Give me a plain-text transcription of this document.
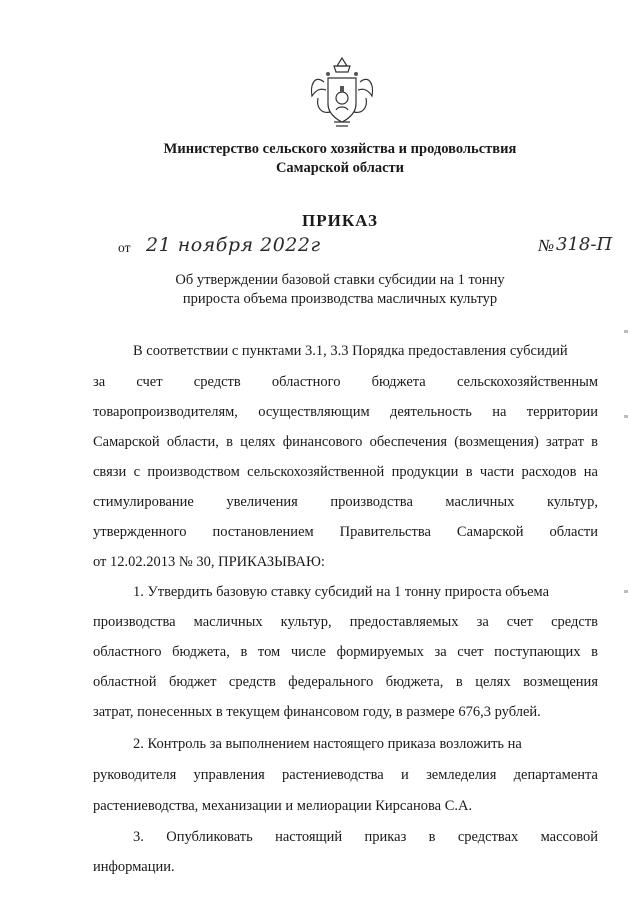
Министерство сельского хозяйства и продовольствия
Самарской области
ПРИКАЗ
от 21 ноября 2022г	№ 318-П
Об утверждении базовой ставки субсидии на 1 тонну
прироста объема производства масличных культур
В соответствии с пунктами 3.1, 3.3 Порядка предоставления субсидий
за счет средств областного бюджета сельскохозяйственным
товаропроизводителям, осуществляющим деятельность на территории
Самарской области, в целях финансового обеспечения (возмещения) затрат в
связи с производством сельскохозяйственной продукции в части расходов на
стимулирование увеличения производства масличных культур,
утвержденного постановлением Правительства Самарской области
от 12.02.2013 № 30, ПРИКАЗЫВАЮ:
1. Утвердить базовую ставку субсидий на 1 тонну прироста объема
производства масличных культур, предоставляемых за счет средств
областного бюджета, в том числе формируемых за счет поступающих в
областной бюджет средств федерального бюджета, в целях возмещения
затрат, понесенных в текущем финансовом году, в размере 676,3 рублей.
2. Контроль за выполнением настоящего приказа возложить на
руководителя управления растениеводства и земледелия департамента
растениеводства, механизации и мелиорации Кирсанова С.А.
3. Опубликовать настоящий приказ в средствах массовой
информации.
